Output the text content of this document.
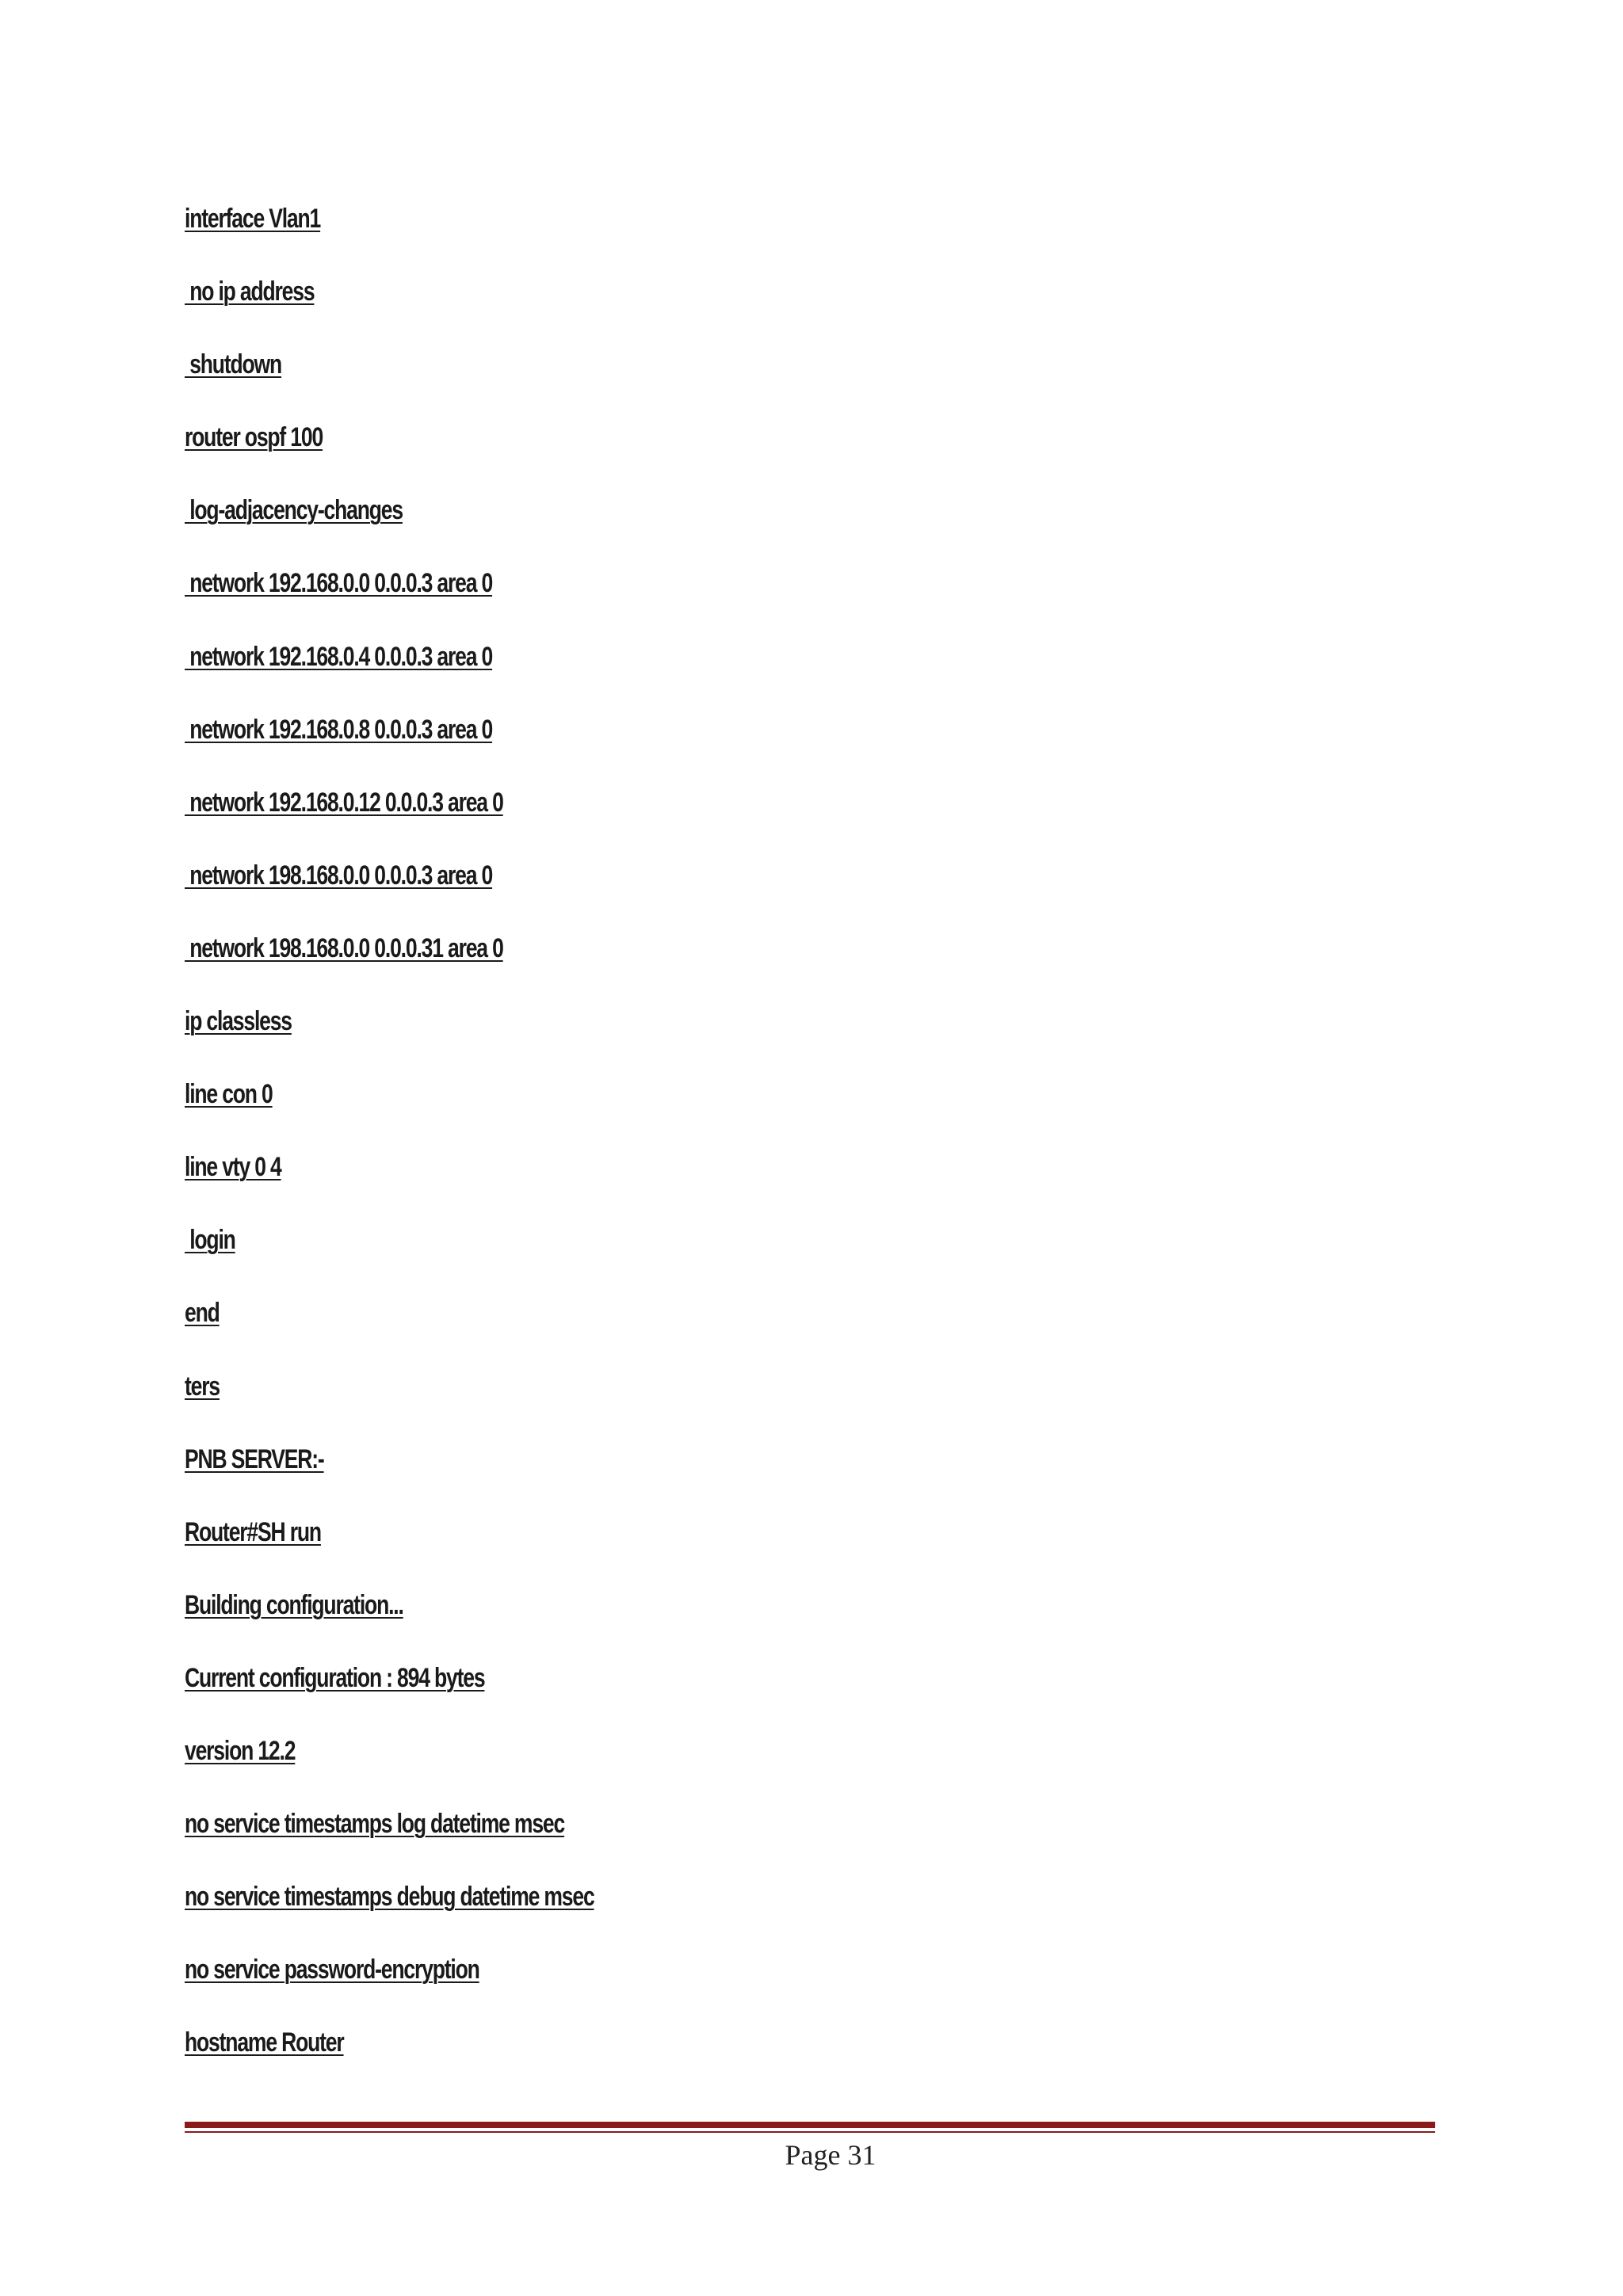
interface Vlan1
no ip address
shutdown
router ospf 100
log-adjacency-changes
network 192.168.0.0 0.0.0.3 area 0
network 192.168.0.4 0.0.0.3 area 0
network 192.168.0.8 0.0.0.3 area 0
network 192.168.0.12 0.0.0.3 area 0
network 198.168.0.0 0.0.0.3 area 0
network 198.168.0.0 0.0.0.31 area 0
ip classless
line con 0
line vty 0 4
login
end
ters
PNB SERVER:-
Router#SH run
Building configuration...
Current configuration : 894 bytes
version 12.2
no service timestamps log datetime msec
no service timestamps debug datetime msec
no service password-encryption
hostname Router
Page 31
